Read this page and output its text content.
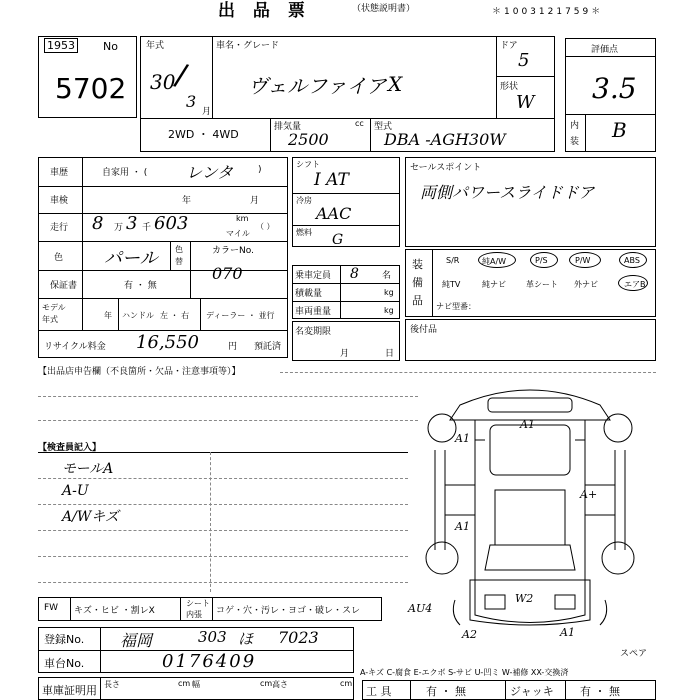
出 品 票	（状態説明書）	＊1003121759＊
1953	No
5702
年式
30
/
3
月
車名・グレード
ヴェルファイア X
ドア
5
形状
W
2WD ・ 4WD
排気量	cc
2500
型式
DBA -AGH30W
評価点
3.5
内
装 B
車歴	自家用 ・ ( レンタ	)
車検	年	月
走行 8 万 3 千 603	km
マイル
（ ）
色 パール 色
替
カラーNo.
070
保証書	有 ・ 無
モデル
年式	年 ハンドル 左 ・ 右 ディーラー ・ 並行
リサイクル料金 16,550	円 預託済
シフト
I AT
冷房
AAC
燃料 G
乗車定員 8	名
積載量	kg
車両重量	kg
名変期限
月	日
セールスポイント
両側パワースライドドア
装
備
品
S/R	純A/W	P/S	P/W	ABS
純TV	純ナビ	革シート 外ナビ	エアB
ナビ型番：
後付品
【出品店申告欄（不良箇所・欠品・注意事項等）】
【検査員記入】
モールA
A-U
A/Wキズ
A1
A1
A+
A1
W2
A1
A2
AU4
スペア
FW キズ・ヒビ ・割レX
シート
内張 コゲ・穴・汚レ・ヨゴ・破レ・スレ
登録No. 福岡	303 ほ 7023
車台No.	0176409
A-キズ C-腐食 E-エクボ S-サビ U-凹ミ W-補修 XX-交換済
車庫証明用 長さ	cm 幅	cm 高さ	cm
工 具	有 ・ 無	ジャッキ 有 ・ 無
